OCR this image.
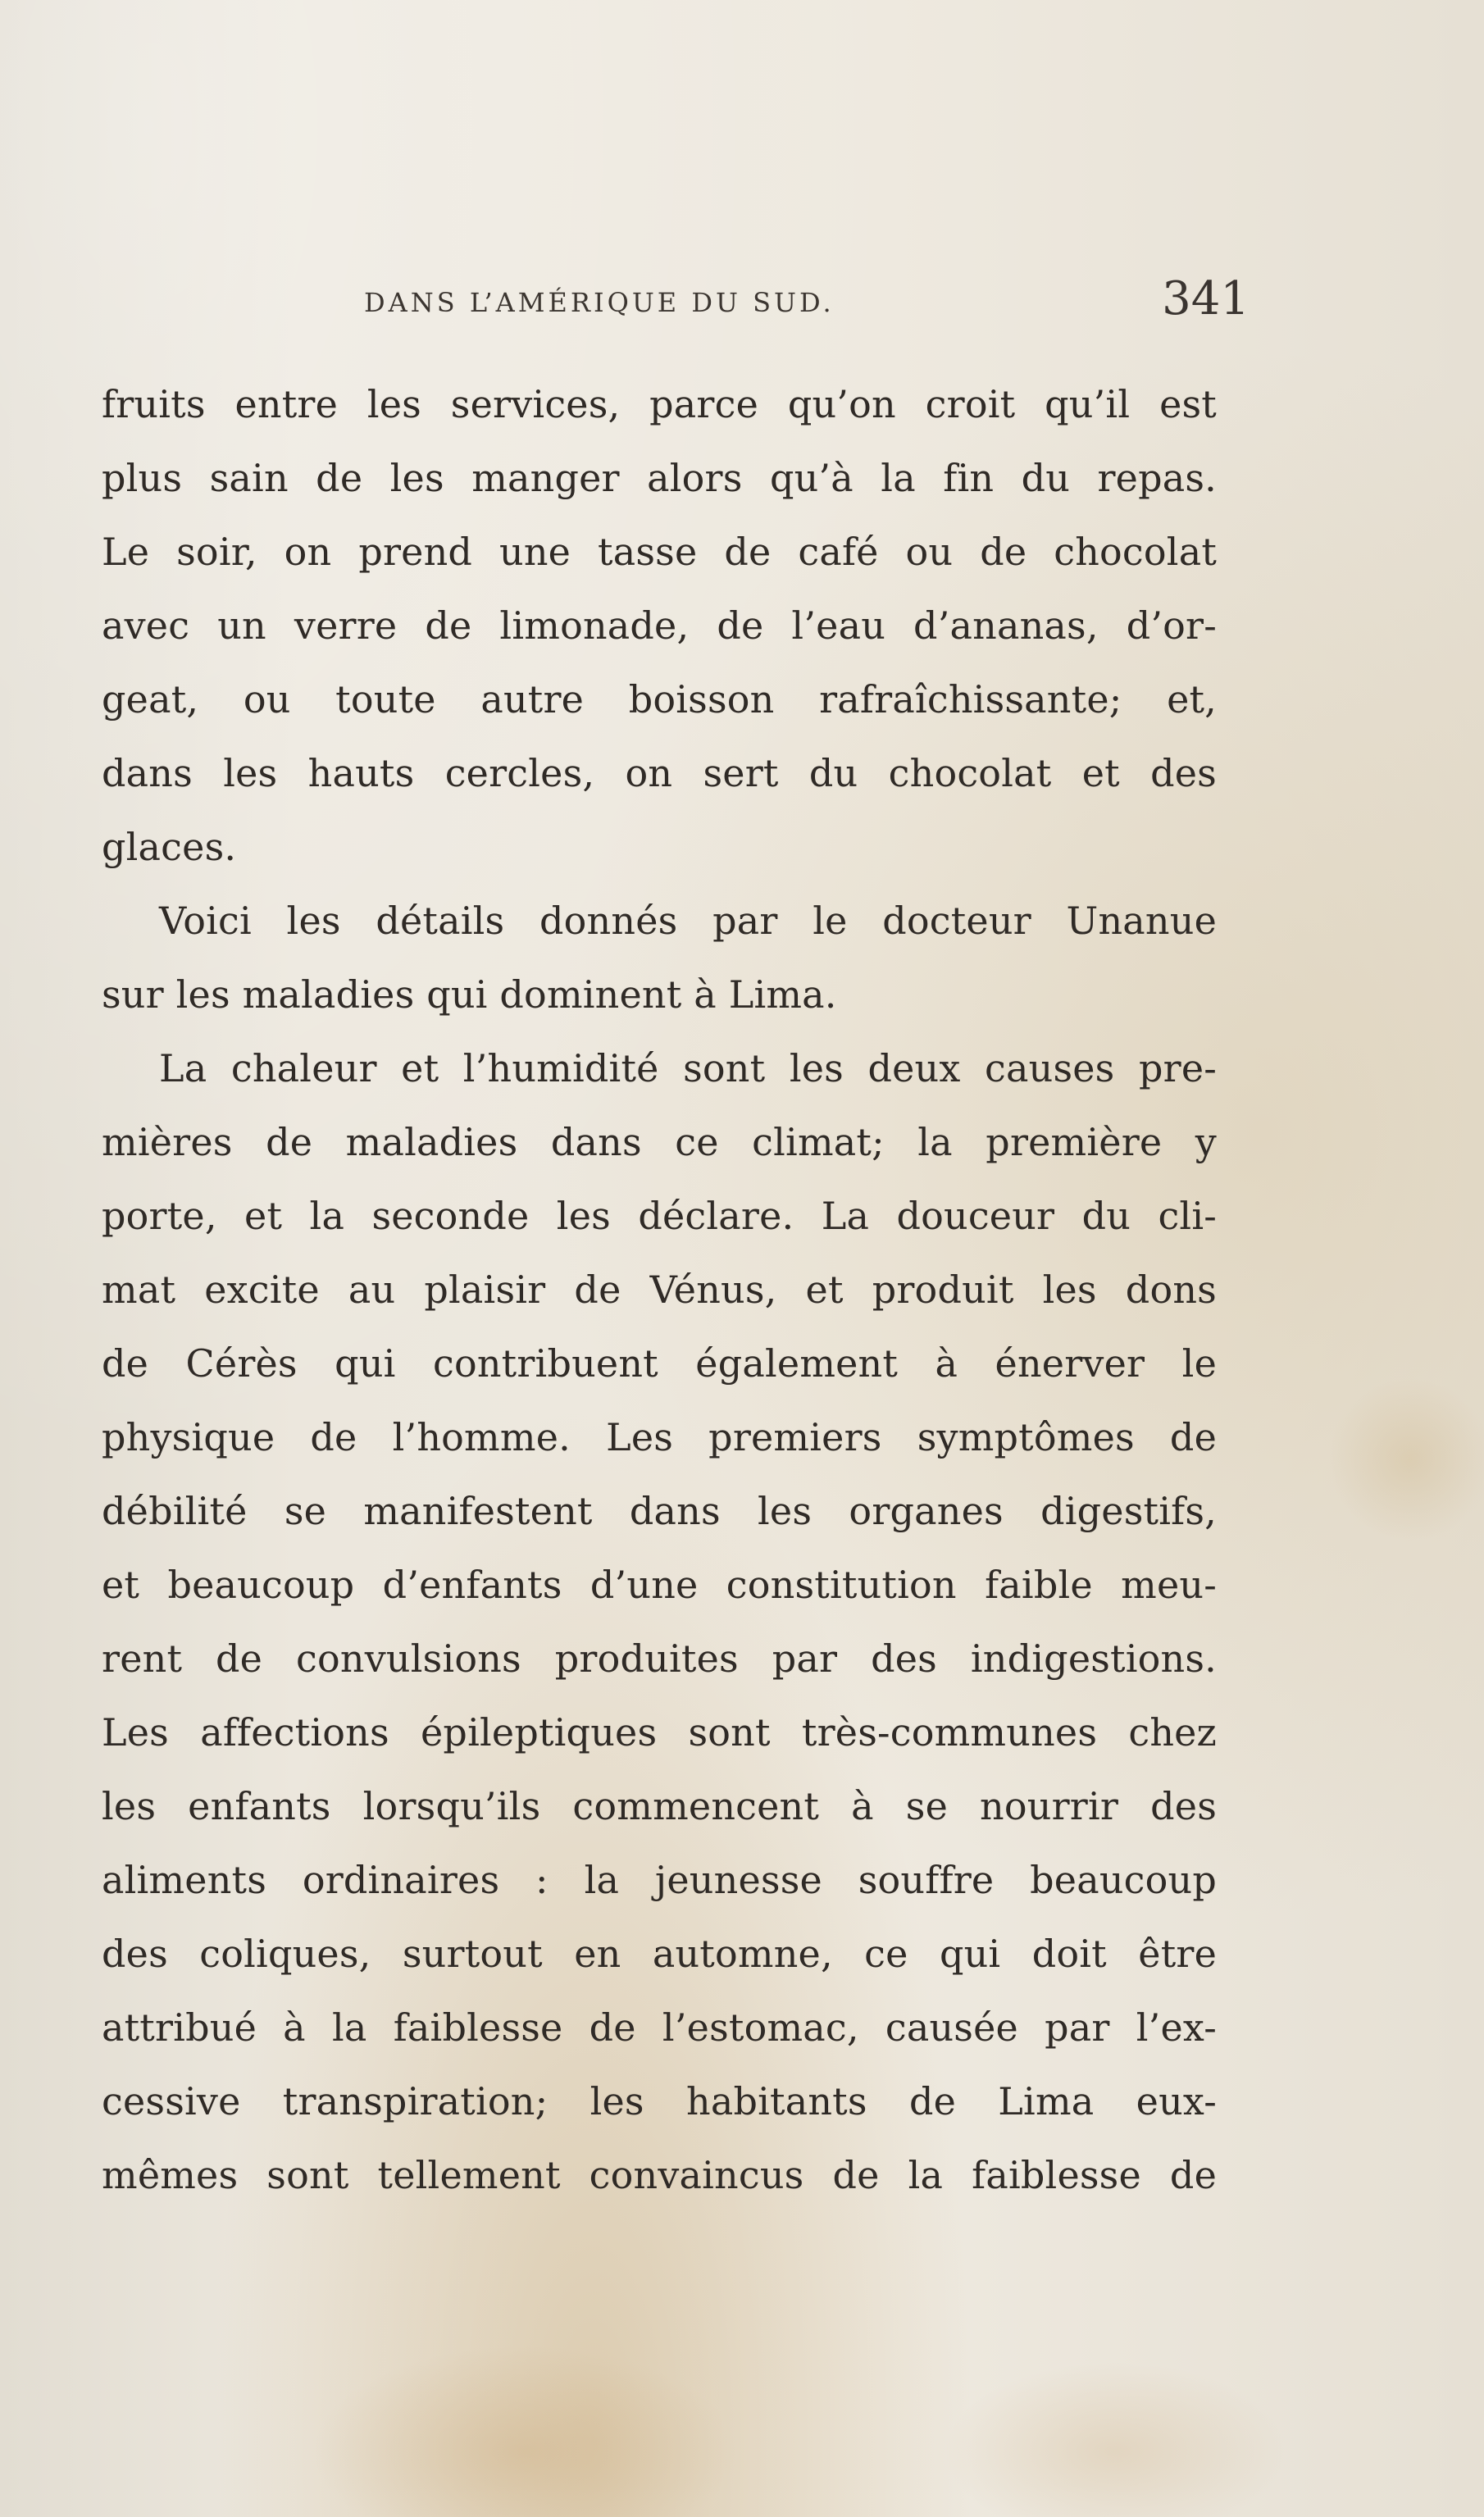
DANS L’AMÉRIQUE DU SUD.	341
fruits entre les services, parce qu’on croit qu’il est
plus sain de les manger alors qu’à la fin du repas.
Le soir, on prend une tasse de café ou de chocolat
avec un verre de limonade, de l’eau d’ananas, d’or-
geat, ou toute autre boisson rafraîchissante; et,
dans les hauts cercles, on sert du chocolat et des
glaces.
Voici les détails donnés par le docteur Unanue
sur les maladies qui dominent à Lima.
La chaleur et l’humidité sont les deux causes pre-
mières de maladies dans ce climat; la première y
porte, et la seconde les déclare. La douceur du cli-
mat excite au plaisir de Vénus, et produit les dons
de Cérès qui contribuent également à énerver le
physique de l’homme. Les premiers symptômes de
débilité se manifestent dans les organes digestifs,
et beaucoup d’enfants d’une constitution faible meu-
rent de convulsions produites par des indigestions.
Les affections épileptiques sont très-communes chez
les enfants lorsqu’ils commencent à se nourrir des
aliments ordinaires : la jeunesse souffre beaucoup
des coliques, surtout en automne, ce qui doit être
attribué à la faiblesse de l’estomac, causée par l’ex-
cessive transpiration; les habitants de Lima eux-
mêmes sont tellement convaincus de la faiblesse de
